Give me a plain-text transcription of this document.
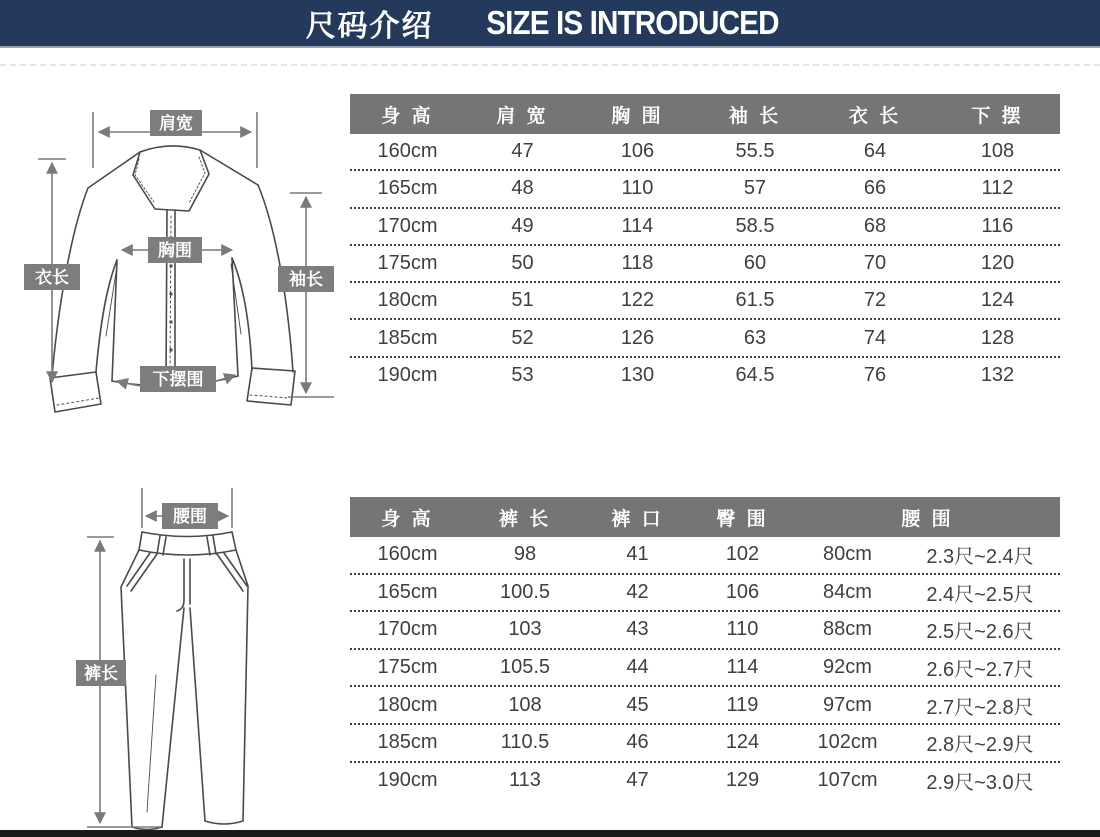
尺码介绍 SIZE IS INTRODUCED
肩宽
胸围
衣长	袖长
下摆围
腰围
裤长
身 高	肩 宽	胸 围	袖 长	衣 长	下 摆
160cm	47	106	55.5	64	108
165cm	48	110	57	66	112
170cm	49	114	58.5	68	116
175cm	50	118	60	70	120
180cm	51	122	61.5	72	124
185cm	52	126	63	74	128
190cm	53	130	64.5	76	132
身 高	裤 长	裤 口	臀 围	腰 围
160cm	98	41	102	80cm	2.3尺~2.4尺
165cm	100.5	42	106	84cm	2.4尺~2.5尺
170cm	103	43	110	88cm	2.5尺~2.6尺
175cm	105.5	44	114	92cm	2.6尺~2.7尺
180cm	108	45	119	97cm	2.7尺~2.8尺
185cm	110.5	46	124	102cm	2.8尺~2.9尺
190cm	113	47	129	107cm	2.9尺~3.0尺
